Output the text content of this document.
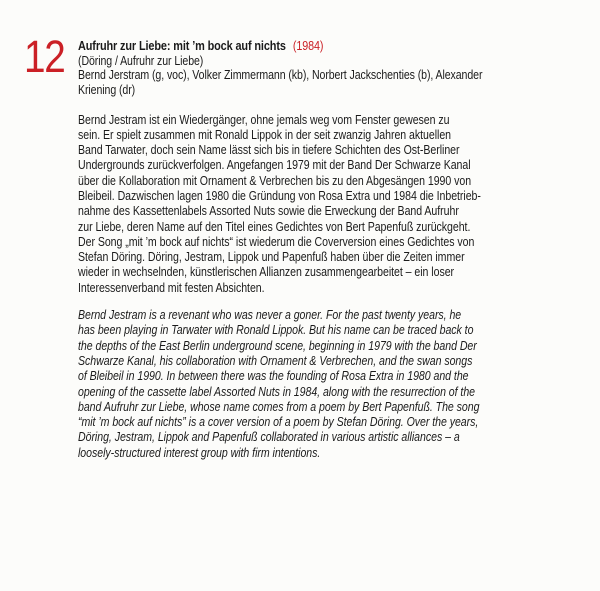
12 Aufruhr zur Liebe: mit ’m bock auf nichts (1984)
(Döring / Aufruhr zur Liebe)
Bernd Jerstram (g, voc), Volker Zimmermann (kb), Norbert Jackschenties (b), Alexander
Kriening (dr)
Bernd Jestram ist ein Wiedergänger, ohne jemals weg vom Fenster gewesen zu
sein. Er spielt zusammen mit Ronald Lippok in der seit zwanzig Jahren aktuellen
Band Tarwater, doch sein Name lässt sich bis in tiefere Schichten des Ost-Berliner
Undergrounds zurückverfolgen. Angefangen 1979 mit der Band Der Schwarze Kanal
über die Kollaboration mit Ornament & Verbrechen bis zu den Abgesängen 1990 von
Bleibeil. Dazwischen lagen 1980 die Gründung von Rosa Extra und 1984 die Inbetrieb-
nahme des Kassettenlabels Assorted Nuts sowie die Erweckung der Band Aufruhr
zur Liebe, deren Name auf den Titel eines Gedichtes von Bert Papenfuß zurückgeht.
Der Song „mit ’m bock auf nichts“ ist wiederum die Coverversion eines Gedichtes von
Stefan Döring. Döring, Jestram, Lippok und Papenfuß haben über die Zeiten immer
wieder in wechselnden, künstlerischen Allianzen zusammengearbeitet – ein loser
Interessenverband mit festen Absichten.
Bernd Jestram is a revenant who was never a goner. For the past twenty years, he
has been playing in Tarwater with Ronald Lippok. But his name can be traced back to
the depths of the East Berlin underground scene, beginning in 1979 with the band Der
Schwarze Kanal, his collaboration with Ornament & Verbrechen, and the swan songs
of Bleibeil in 1990. In between there was the founding of Rosa Extra in 1980 and the
opening of the cassette label Assorted Nuts in 1984, along with the resurrection of the
band Aufruhr zur Liebe, whose name comes from a poem by Bert Papenfuß. The song
“mit ’m bock auf nichts” is a cover version of a poem by Stefan Döring. Over the years,
Döring, Jestram, Lippok and Papenfuß collaborated in various artistic alliances – a
loosely-structured interest group with firm intentions.
